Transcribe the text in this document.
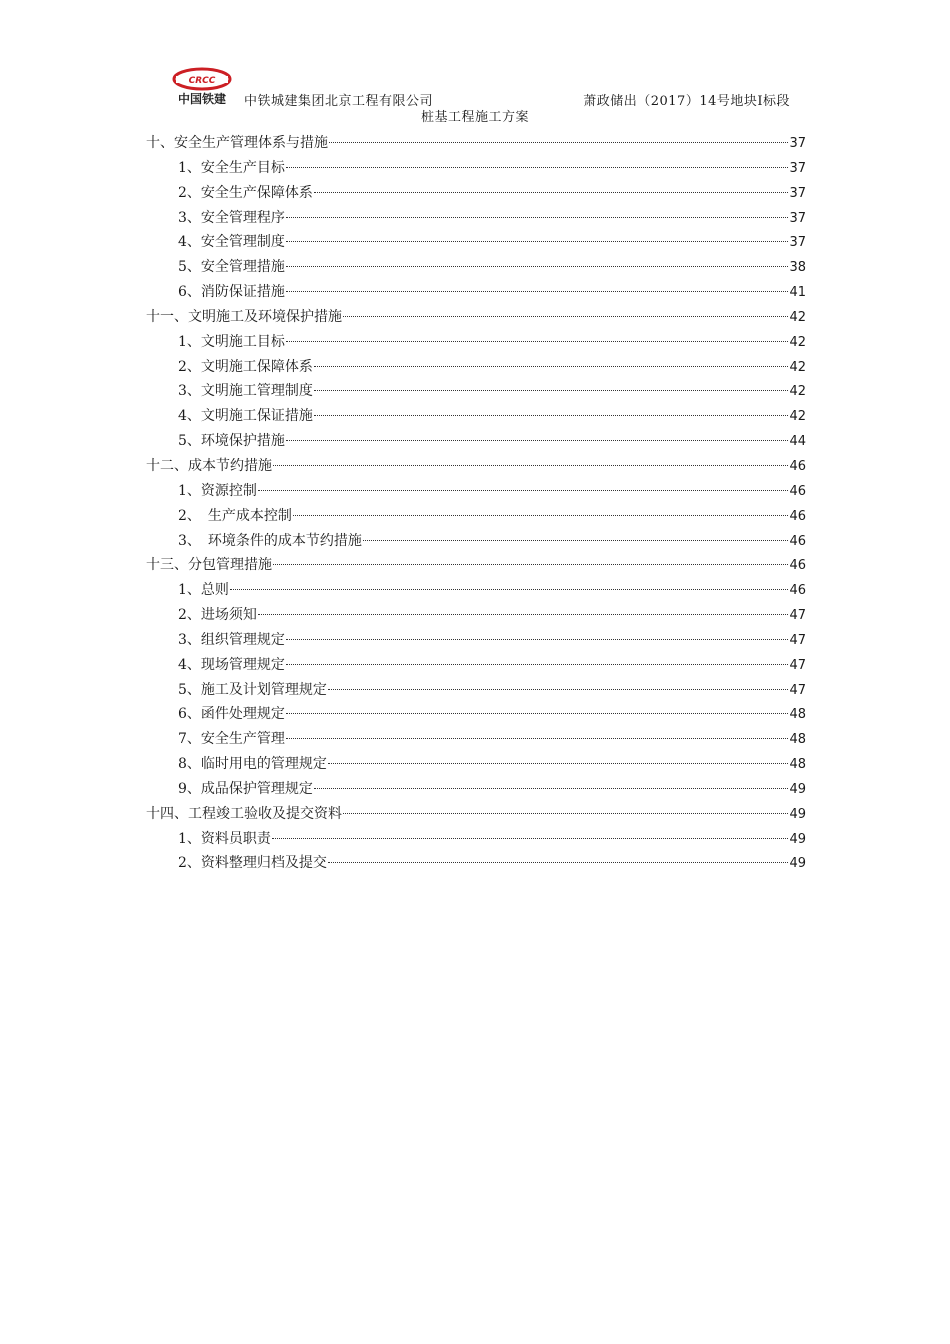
CRCC
中国铁建 中铁城建集团北京工程有限公司	萧政储出（2017）14号地块Ⅰ标段
桩基工程施工方案
十、安全生产管理体系与措施	37
1、安全生产目标	37
2、安全生产保障体系	37
3、安全管理程序	37
4、安全管理制度	37
5、安全管理措施	38
6、消防保证措施	41
十一、文明施工及环境保护措施	42
1、文明施工目标	42
2、文明施工保障体系	42
3、文明施工管理制度	42
4、文明施工保证措施	42
5、环境保护措施	44
十二、成本节约措施	46
1、资源控制	46
2、　生产成本控制	46
3、　环境条件的成本节约措施	46
十三、分包管理措施	46
1、总则	46
2、进场须知	47
3、组织管理规定	47
4、现场管理规定	47
5、施工及计划管理规定	47
6、函件处理规定	48
7、安全生产管理	48
8、临时用电的管理规定	48
9、成品保护管理规定	49
十四、工程竣工验收及提交资料	49
1、资料员职责	49
2、资料整理归档及提交	49
